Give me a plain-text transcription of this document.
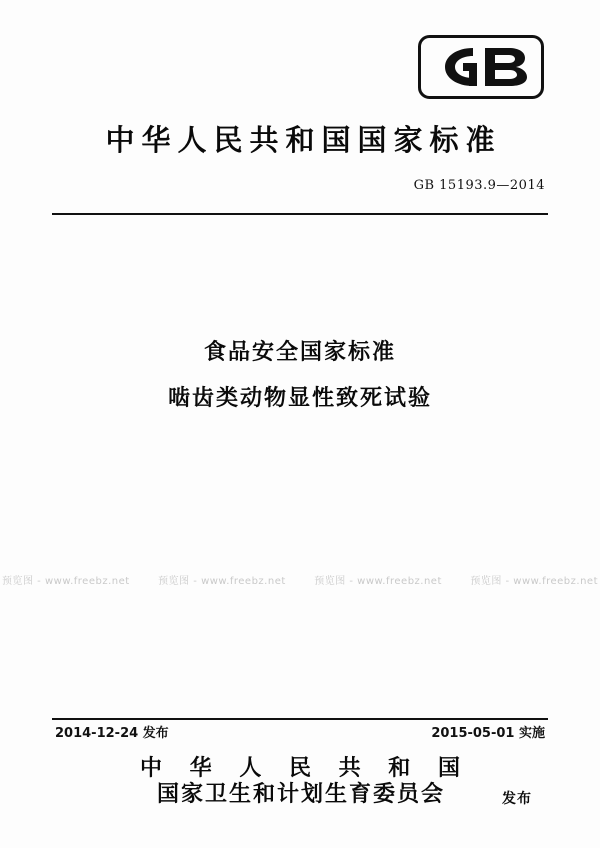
中华人民共和国国家标准
GB 15193.9—2014
食品安全国家标准
啮齿类动物显性致死试验
预览图 - www.freebz.net	预览图 - www.freebz.net	预览图 - www.freebz.net	预览图 - www.freebz.net
2014-12-24 发布	2015-05-01 实施
中 华 人 民 共 和 国
国家卫生和计划生育委员会	发布
